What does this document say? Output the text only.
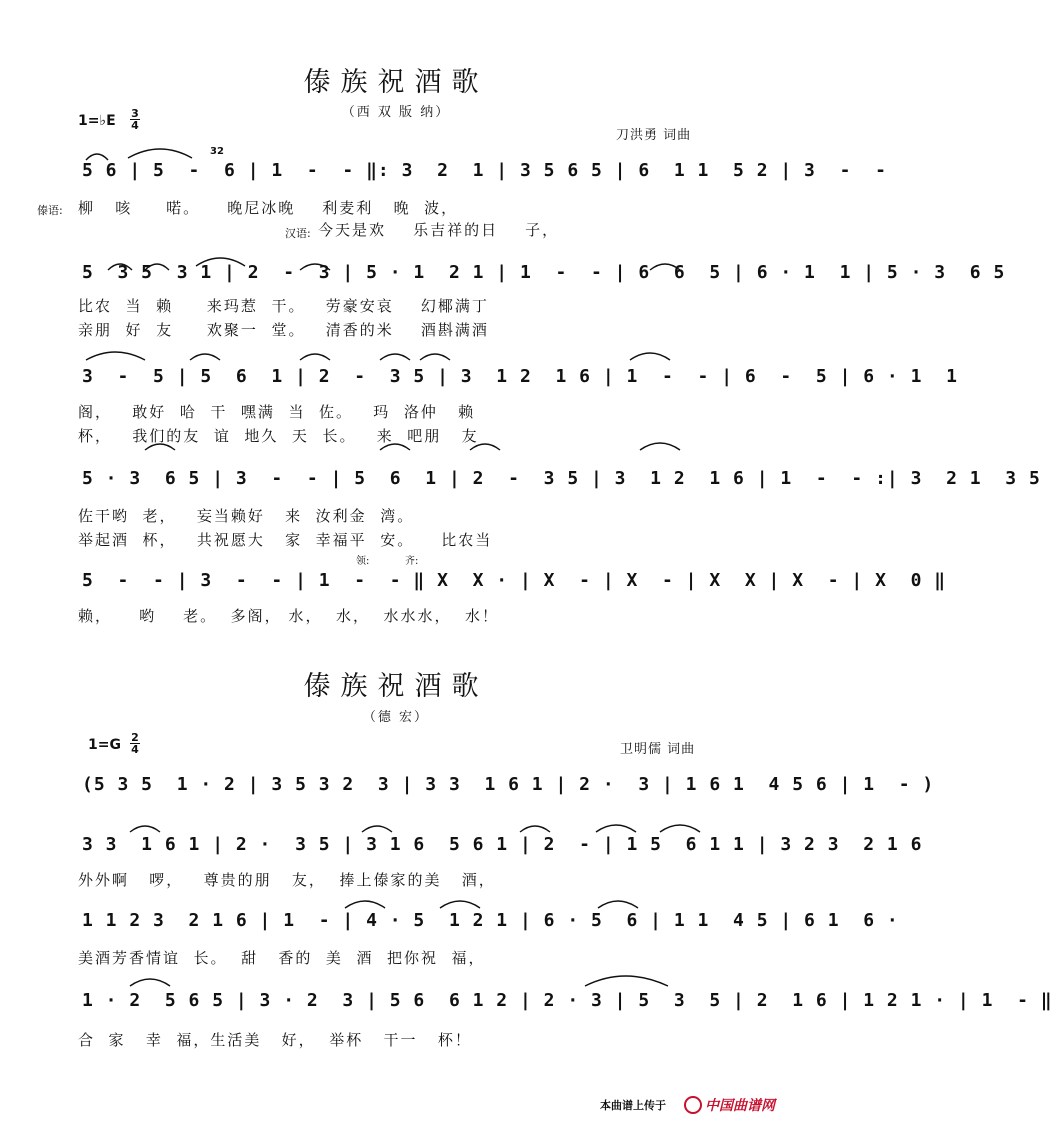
傣族祝酒歌
（西 双 版 纳）
1=♭E 3
4
刀洪勇 词曲
32
5 6 | 5  -  6 | 1  -  - ‖: 3  2  1 | 3 5 6 5 | 6  1 1  5 2 | 3  -  -
傣语: 柳   咳     喏。    晚尼冰晚    利麦利   晚  波，
汉语: 今天是欢    乐吉祥的日    子，
5  3 5  3 1 | 2  -  3 | 5 · 1  2 1 | 1  -  - | 6  6  5 | 6 · 1  1 | 5 · 3  6 5
比农  当  赖     来玛惹  干。   劳豪安哀    幻椰满丁
亲朋  好  友     欢聚一  堂。   清香的米    酒斟满酒
3  -  5 | 5  6  1 | 2  -  3 5 | 3  1 2  1 6 | 1  -  - | 6  -  5 | 6 · 1  1
阁，   敢好  哈  干  嘿满  当  佐。   玛  洛仲   赖
杯，   我们的友  谊  地久  天  长。   来  吧朋   友
5 · 3  6 5 | 3  -  - | 5  6  1 | 2  -  3 5 | 3  1 2  1 6 | 1  -  - :| 3  2 1  3 5
佐干哟  老，   妄当赖好   来  汝利金  湾。
举起酒  杯，   共祝愿大   家  幸福平  安。    比农当
领:	齐:
5  -  - | 3  -  - | 1  -  - ‖ X  X · | X  - | X  - | X  X | X  - | X  0 ‖
赖，    哟    老。  多阁， 水，  水，  水水水，  水！
傣族祝酒歌
（德 宏）
1=G 2
4	卫明儒 词曲
(5 3 5  1 · 2 | 3 5 3 2  3 | 3 3  1 6 1 | 2 ·  3 | 1 6 1  4 5 6 | 1  - )
3 3  1 6 1 | 2 ·  3 5 | 3 1 6  5 6 1 | 2  - | 1 5  6 1 1 | 3 2 3  2 1 6
外外啊   啰，   尊贵的朋   友，  捧上傣家的美   酒，
1 1 2 3  2 1 6 | 1  - | 4 · 5  1 2 1 | 6 · 5  6 | 1 1  4 5 | 6 1  6 ·
美酒芳香情谊  长。  甜   香的  美  酒  把你祝  福，
1 · 2  5 6 5 | 3 · 2  3 | 5 6  6 1 2 | 2 · 3 | 5  3  5 | 2  1 6 | 1 2 1 · | 1  - ‖
合  家   幸  福，生活美   好，  举杯   干一   杯！
本曲谱上传于	中国曲谱网
